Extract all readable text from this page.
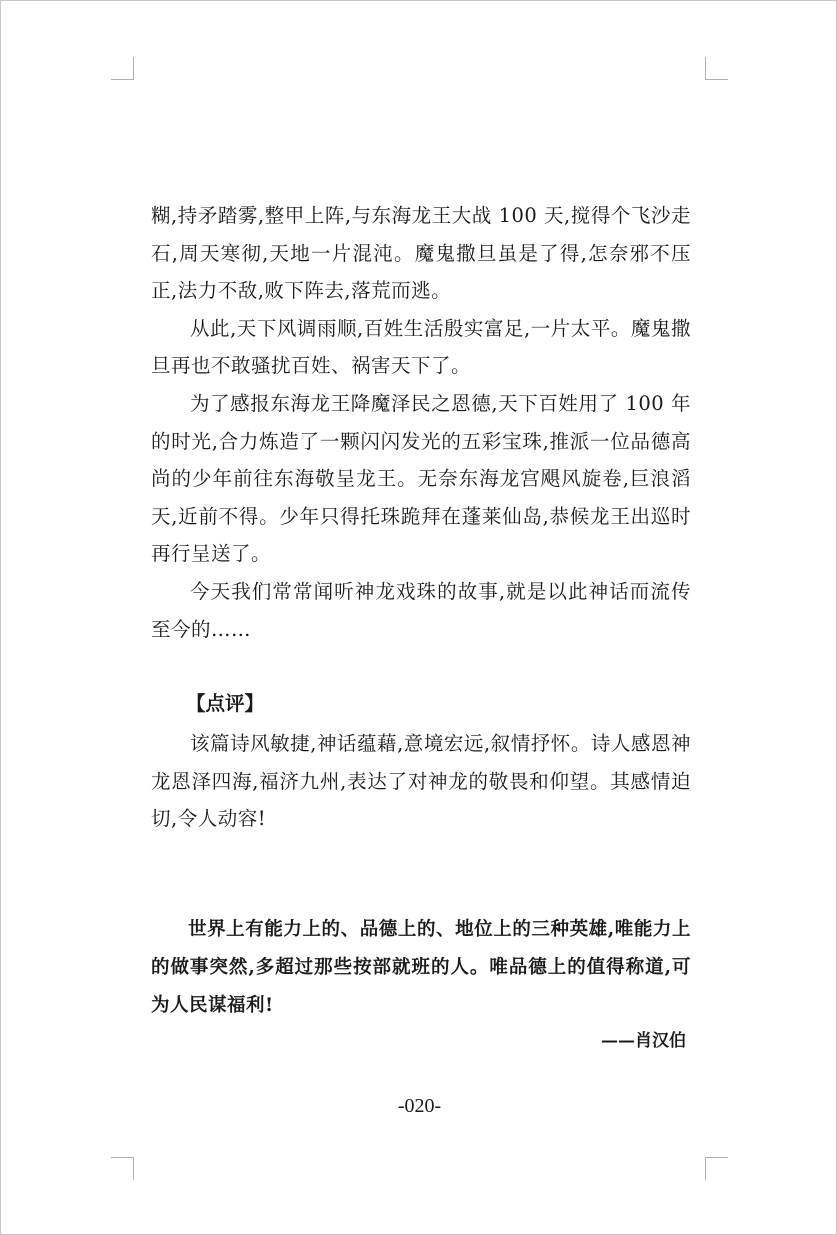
糊,持矛踏雾,整甲上阵,与东海龙王大战 100 天,搅得个飞沙走石,周天寒彻,天地一片混沌。魔鬼撒旦虽是了得,怎奈邪不压正,法力不敌,败下阵去,落荒而逃。

从此,天下风调雨顺,百姓生活殷实富足,一片太平。魔鬼撒旦再也不敢骚扰百姓、祸害天下了。

为了感报东海龙王降魔泽民之恩德,天下百姓用了 100 年的时光,合力炼造了一颗闪闪发光的五彩宝珠,推派一位品德高尚的少年前往东海敬呈龙王。无奈东海龙宫飓风旋卷,巨浪滔天,近前不得。少年只得托珠跪拜在蓬莱仙岛,恭候龙王出巡时再行呈送了。

今天我们常常闻听神龙戏珠的故事,就是以此神话而流传至今的……

【点评】

该篇诗风敏捷,神话蕴藉,意境宏远,叙情抒怀。诗人感恩神龙恩泽四海,福济九州,表达了对神龙的敬畏和仰望。其感情迫切,令人动容!

世界上有能力上的、品德上的、地位上的三种英雄,唯能力上的做事突然,多超过那些按部就班的人。唯品德上的值得称道,可为人民谋福利!

——肖汉伯
-020-
